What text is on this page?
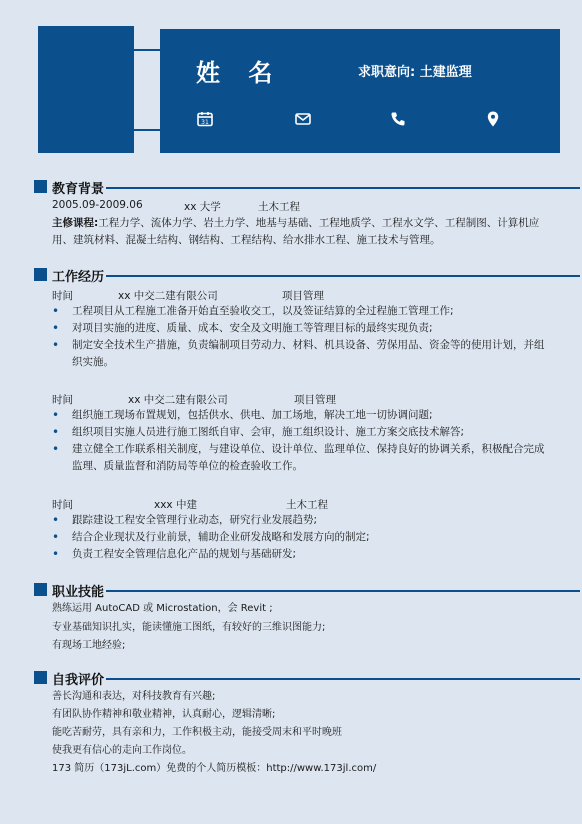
姓 名	求职意向: 土建监理
31
教育背景
2005.09-2009.06	xx 大学	土木工程
主修课程:工程力学、流体力学、岩土力学、地基与基础、工程地质学、工程水文学、工程制图、计算机应用、建筑材料、混凝土结构、钢结构、工程结构、给水排水工程、施工技术与管理。
工作经历
时间	xx 中交二建有限公司	项目管理
• 工程项目从工程施工准备开始直至验收交工，以及签证结算的全过程施工管理工作;
• 对项目实施的进度、质量、成本、安全及文明施工等管理目标的最终实现负责;
• 制定安全技术生产措施，负责编制项目劳动力、材料、机具设备、劳保用品、资金等的使用计划，并组织实施。
时间	xx 中交二建有限公司	项目管理
• 组织施工现场布置规划，包括供水、供电、加工场地，解决工地一切协调问题;
• 组织项目实施人员进行施工图纸自审、会审，施工组织设计、施工方案交底技术解答;
• 建立健全工作联系相关制度，与建设单位、设计单位、监理单位、保持良好的协调关系，积极配合完成监理、质量监督和消防局等单位的检查验收工作。
时间	xxx 中建	土木工程
• 跟踪建设工程安全管理行业动态，研究行业发展趋势;
• 结合企业现状及行业前景，辅助企业研发战略和发展方向的制定;
• 负责工程安全管理信息化产品的规划与基础研发;
职业技能
熟练运用 AutoCAD 或 Microstation，会 Revit ;
专业基础知识扎实，能读懂施工图纸，有较好的三维识图能力;
有现场工地经验;
自我评价
善长沟通和表达，对科技教育有兴趣;
有团队协作精神和敬业精神，认真耐心，逻辑清晰;
能吃苦耐劳，具有亲和力，工作积极主动，能接受周末和平时晚班
使我更有信心的走向工作岗位。
173 简历（173jL.com）免费的个人简历模板：http://www.173jl.com/
